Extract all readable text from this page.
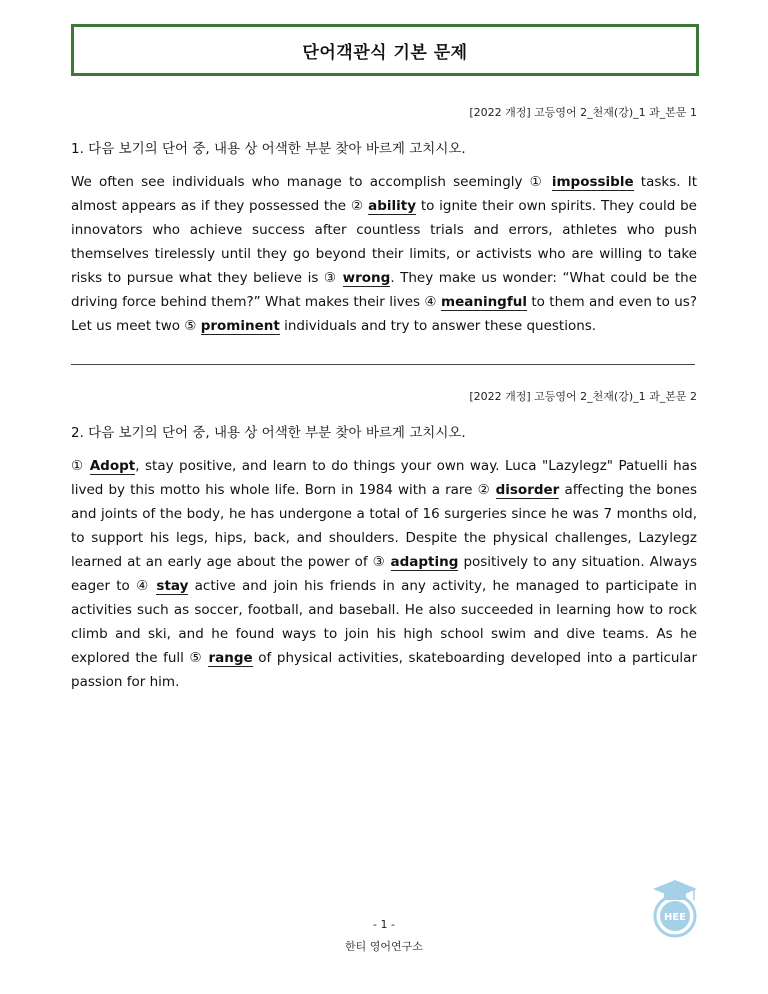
단어객관식 기본 문제
[2022 개정] 고등영어 2_천재(강)_1 과_본문 1
1. 다음 보기의 단어 중, 내용 상 어색한 부분 찾아 바르게 고치시오.
We often see individuals who manage to accomplish seemingly ① impossible tasks. It almost appears as if they possessed the ② ability to ignite their own spirits. They could be innovators who achieve success after countless trials and errors, athletes who push themselves tirelessly until they go beyond their limits, or activists who are willing to take risks to pursue what they believe is ③ wrong. They make us wonder: “What could be the driving force behind them?” What makes their lives ④ meaningful to them and even to us? Let us meet two ⑤ prominent individuals and try to answer these questions.
[2022 개정] 고등영어 2_천재(강)_1 과_본문 2
2. 다음 보기의 단어 중, 내용 상 어색한 부분 찾아 바르게 고치시오.
① Adopt, stay positive, and learn to do things your own way. Luca "Lazylegz" Patuelli has lived by this motto his whole life. Born in 1984 with a rare ② disorder affecting the bones and joints of the body, he has undergone a total of 16 surgeries since he was 7 months old, to support his legs, hips, back, and shoulders. Despite the physical challenges, Lazylegz learned at an early age about the power of ③ adapting positively to any situation. Always eager to ④ stay active and join his friends in any activity, he managed to participate in activities such as soccer, football, and baseball. He also succeeded in learning how to rock climb and ski, and he found ways to join his high school swim and dive teams. As he explored the full ⑤ range of physical activities, skateboarding developed into a particular passion for him.
- 1 -
한티 영어연구소
HEE
